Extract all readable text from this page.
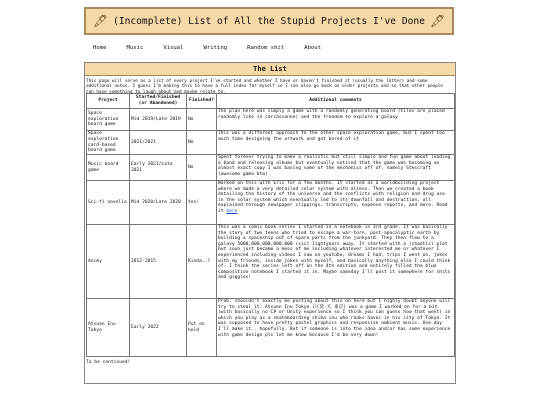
🖋 (Incomplete) List of All the Stupid Projects I've Done 🖋
Home	Music	Visual	Writing	Random shit	About
The List
This page will serve as a list of every project I've started and whether I have or haven't finished it (usually the latter) and some additional notes. I guess I'm making this to have a full index for myself so I can also go back on older projects and so that other people can have something to laugh about and maybe relate to.
Project	Started/Finished (or Abandoned)	Finished?	Additional comments
Space exploration board game	Mid 2019/Late 2019	No	The plan here was simply a game with a randomly generating board (tiles are placed randomly like in carcassonne) and the freedom to explore a galaxy
Space exploration card-based board game	2021/2021	No	This was a different approach to the other space exploration game, but I spent too much time designing the artwork and got bored of it
Music board game	Early 2021/Late 2021	No	Spent forever trying to make a realistic but still simple and fun game about leading a band and releasing albums but eventually noticed that the game was becoming an almost exact copy I was basing some of the mechanics off of, namely Stescraft (awesome game btw)
Sci-fi novella	Mid 2020/Late 2020	Yes!	Worked on this with Eric for a few months. It started as a worldbuilding project where we made a very detailed solar system with aliens. Then we created a book detailing the history of the universe and the conflicts with religion and drug use in the solar system which eventually led to its downfall and destruction, all explained through newspaper clippings, transcripts, expense reports, and more. Read it here
Animy	2012-2015	Kinda..?	This was a comic book series I started in a notebook in 3rd grade. It was basically the story of two teens who tried to escape a war-torn, post-apocalyptic earth by building a spaceship out of spare parts from the junkyard. They then flew to a galaxy 5000,000,000,000,000 (sic) lightyears away. It started with a (chaotic) plot but soon just became a mess of me including whatever interested me or whatever I experienced including videos I saw on youtube, dreams I had, trips I went on, jokes with my friends, inside jokes with myself, and basically anything else I could think of. I think the series left off on the 4th edition and entirely filled the blue composition notebook I started it in. Maybe someday I'll post it somewhere for shits and giggles!
Atsuen Inu Tokyo	Early 2022	Put on hold	Prob: shouldn't exactly be posting about this on here but I highly doubt anyone will try to steal it. Atsuen Inu Tokyo (圧延 犬 東京) was a game I worked on for a bit (with basically no C# or Unity experience so I think you can guess how that went) in which you play as a skateboarding shiba inu who raaks havoc in his city of Tokyo. It was supposed to have pretty pastel graphics and responsive ambient music. One day I'll make it.. hopefully. But if someone is into the idea and/or has some experience with game design pls let me know because I'd be very down!
To be continued!
